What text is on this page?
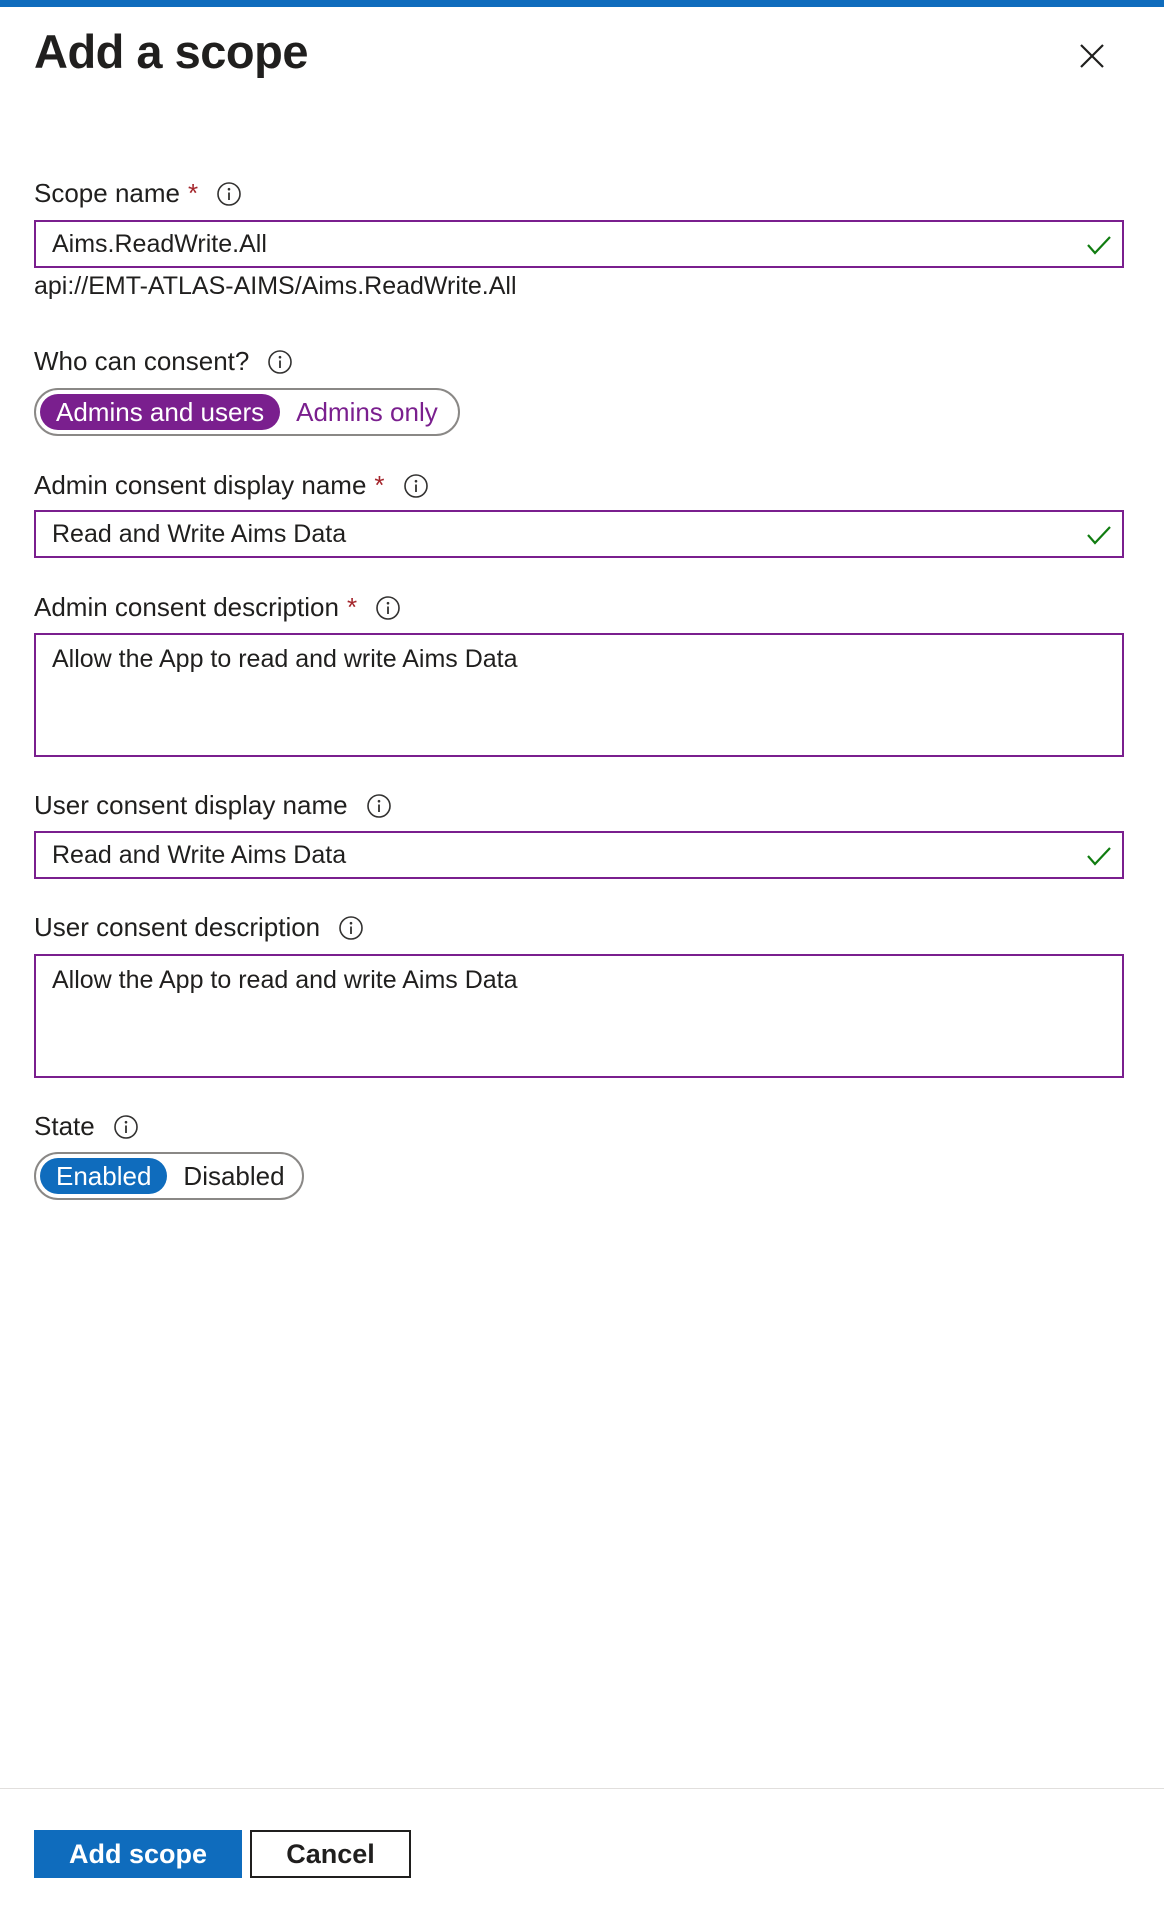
Add a scope
Scope name *
Aims.ReadWrite.All
api://EMT-ATLAS-AIMS/Aims.ReadWrite.All
Who can consent?
Admins and users	Admins only
Admin consent display name *
Read and Write Aims Data
Admin consent description *
Allow the App to read and write Aims Data
User consent display name
Read and Write Aims Data
User consent description
Allow the App to read and write Aims Data
State
Enabled	Disabled
Add scope	Cancel
